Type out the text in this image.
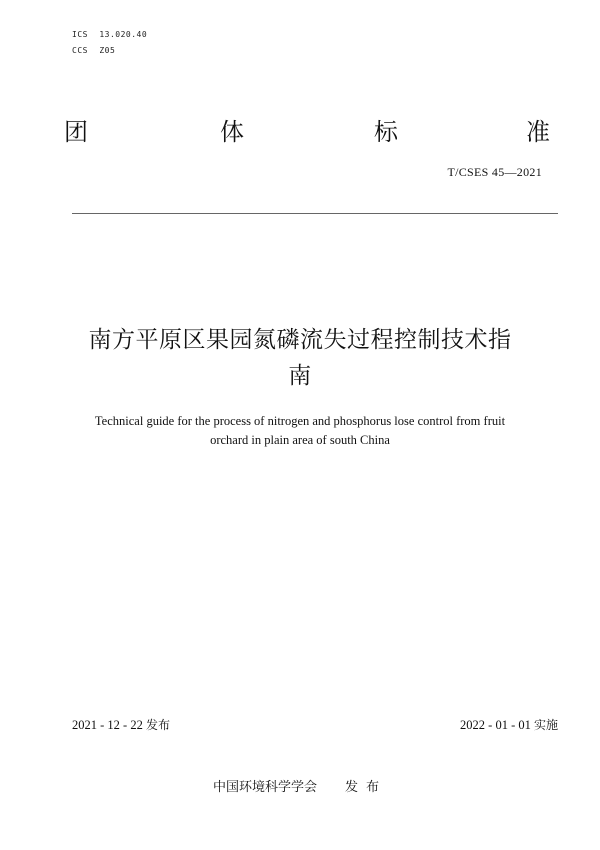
ICS 13.020.40
CCS Z05
团	体	标	准
T/CSES 45—2021
南方平原区果园氮磷流失过程控制技术指
南
Technical guide for the process of nitrogen and phosphorus lose control from fruit
orchard in plain area of south China
2021 - 12 - 22 发布	2022 - 01 - 01 实施
中国环境科学学会 发布
